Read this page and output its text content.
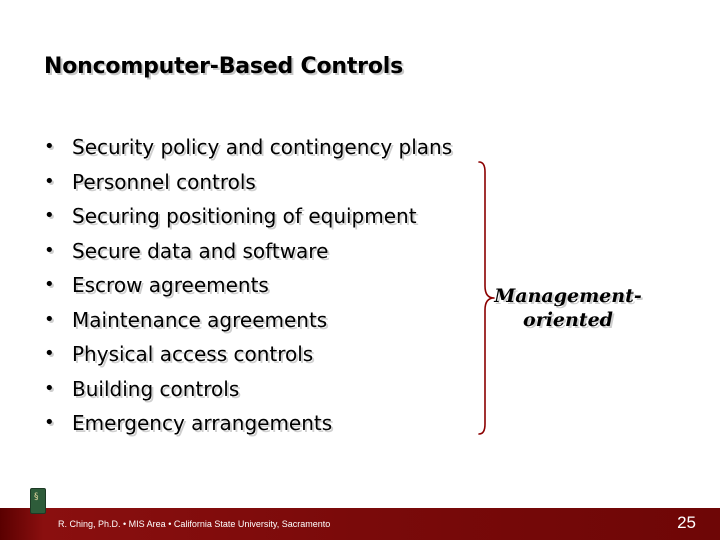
Noncomputer-Based Controls
• Security policy and contingency plans
• Personnel controls
• Securing positioning of equipment
• Secure data and software
• Escrow agreements
• Maintenance agreements
• Physical access controls
• Building controls
• Emergency arrangements
Management-
oriented
§
R. Ching, Ph.D. • MIS Area • California State University, Sacramento	25
